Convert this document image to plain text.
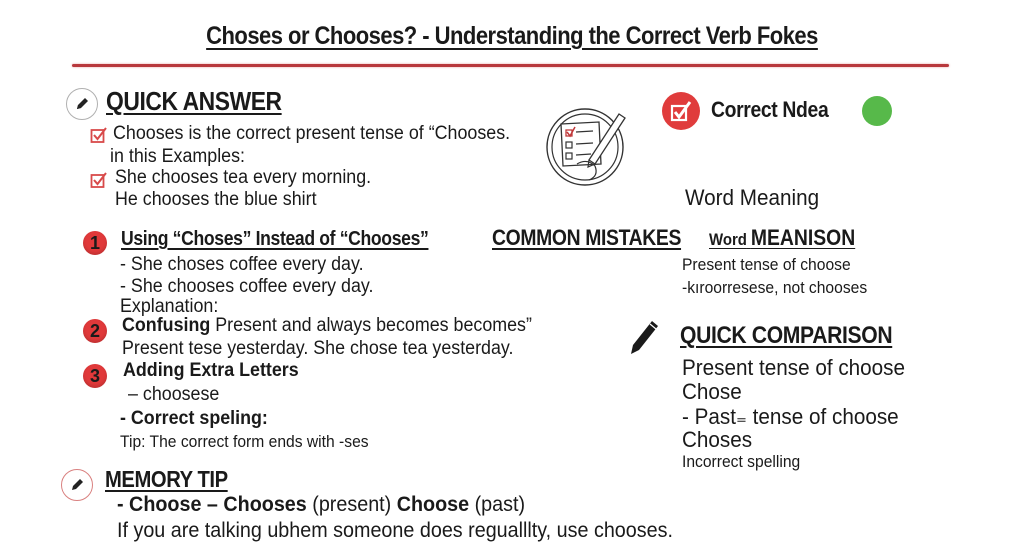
Choses or Chooses? - Understanding the Correct Verb Fokes
QUICK ANSWER
Chooses is the correct present tense of “Chooses.
in this Examples:
She chooses tea every morning.
He chooses the blue shirt
Correct Ndea
Word Meaning
COMMON MISTAKES
1	Using “Choses” Instead of “Chooses”
- She choses coffee every day.
- She chooses coffee every day.
Explanation:
2	Confusing Present and always becomes becomes”
Present tese yesterday. She chose tea yesterday.
3	Adding Extra Letters
– choosese
- Correct speling:
Tip: The correct form ends with -ses
Word MEANISON
Present tense of choose
-kıroorresese, not chooses
QUICK COMPARISON
Present tense of choose
Chose
- Past₌ tense of choose
Choses
Incorrect spelling
MEMORY TIP
- Choose – Chooses (present) Choose (past)
If you are talking ubhem someone does regualllty, use chooses.
